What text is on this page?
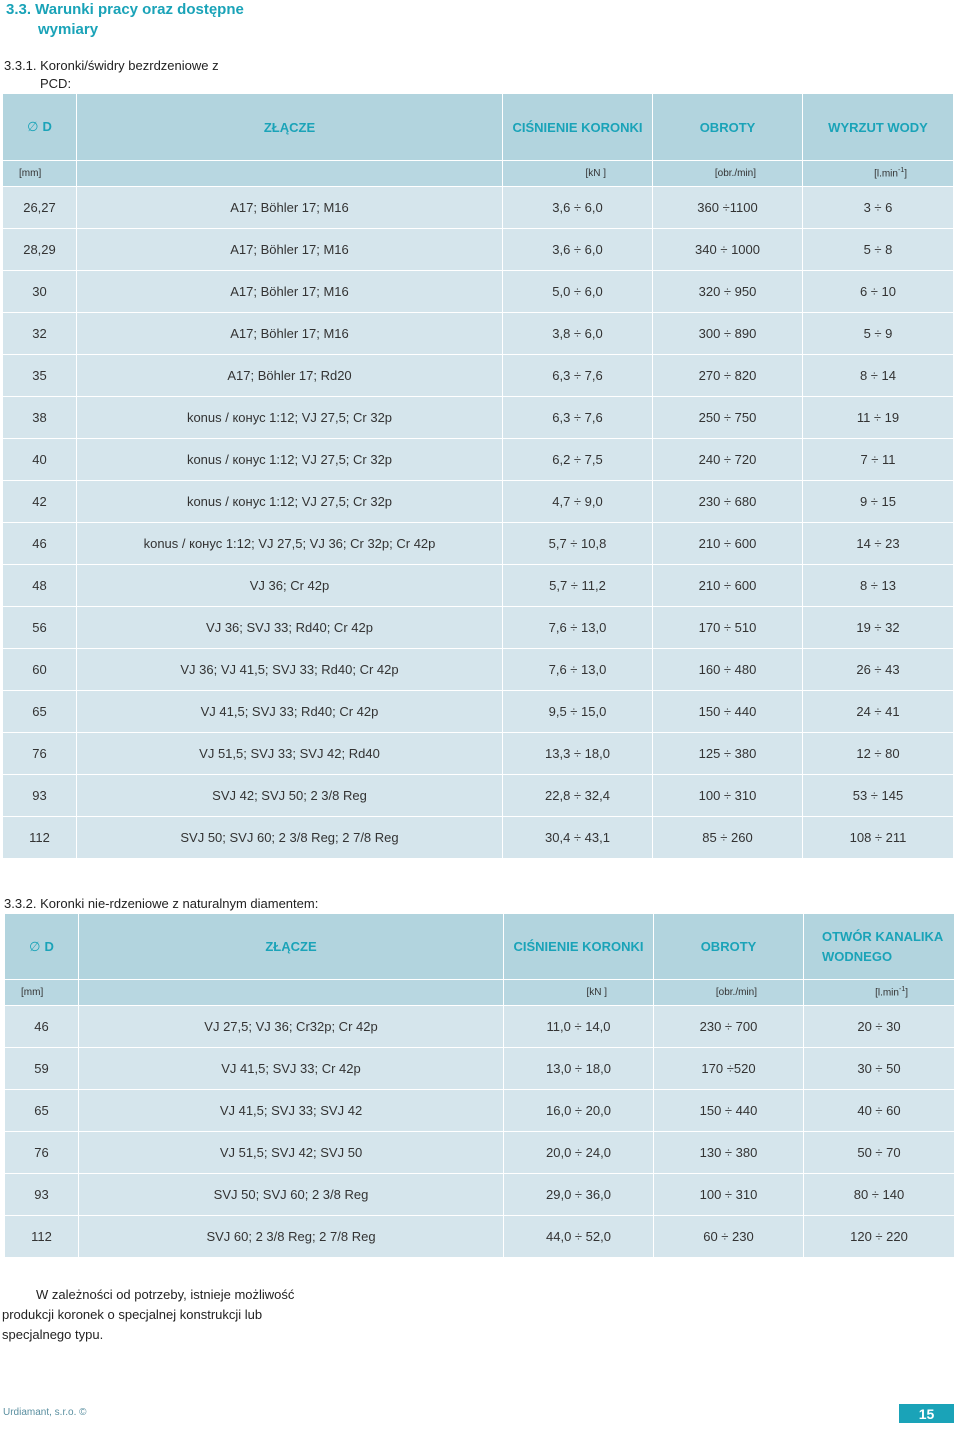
3.3. Warunki pracy oraz dostępne
wymiary
3.3.1. Koronki/świdry bezrdzeniowe z
PCD:
∅ D	ZŁĄCZE	CIŚNIENIE KORONKI	OBROTY	WYRZUT WODY
[mm]		[kN ]	[obr./min]	$[l.\min^{-1}]$
26,27	A17; Böhler 17; M16	3,6 ÷ 6,0	360 ÷1100	3 ÷ 6
28,29	A17; Böhler 17; M16	3,6 ÷ 6,0	340 ÷ 1000	5 ÷ 8
30	A17; Böhler 17; M16	5,0 ÷ 6,0	320 ÷ 950	6 ÷ 10
32	A17; Böhler 17; M16	3,8 ÷ 6,0	300 ÷ 890	5 ÷ 9
35	A17; Böhler 17; Rd20	6,3 ÷ 7,6	270 ÷ 820	8 ÷ 14
38	konus / конус 1:12; VJ 27,5; Cr 32p	6,3 ÷ 7,6	250 ÷ 750	11 ÷ 19
40	konus / конус 1:12; VJ 27,5; Cr 32p	6,2 ÷ 7,5	240 ÷ 720	7 ÷ 11
42	konus / конус 1:12; VJ 27,5; Cr 32p	4,7 ÷ 9,0	230 ÷ 680	9 ÷ 15
46	konus / конус 1:12; VJ 27,5; VJ 36; Cr 32p; Cr 42p	5,7 ÷ 10,8	210 ÷ 600	14 ÷ 23
48	VJ 36; Cr 42p	5,7 ÷ 11,2	210 ÷ 600	8 ÷ 13
56	VJ 36; SVJ 33; Rd40; Cr 42p	7,6 ÷ 13,0	170 ÷ 510	19 ÷ 32
60	VJ 36; VJ 41,5; SVJ 33; Rd40; Cr 42p	7,6 ÷ 13,0	160 ÷ 480	26 ÷ 43
65	VJ 41,5; SVJ 33; Rd40; Cr 42p	9,5 ÷ 15,0	150 ÷ 440	24 ÷ 41
76	VJ 51,5; SVJ 33; SVJ 42; Rd40	13,3 ÷ 18,0	125 ÷ 380	12 ÷ 80
93	SVJ 42; SVJ 50; 2 3/8 Reg	22,8 ÷ 32,4	100 ÷ 310	53 ÷ 145
112	SVJ 50; SVJ 60; 2 3/8 Reg; 2 7/8 Reg	30,4 ÷ 43,1	85 ÷ 260	108 ÷ 211
3.3.2. Koronki nie-rdzeniowe z naturalnym diamentem:
∅ D	ZŁĄCZE	CIŚNIENIE KORONKI	OBROTY	OTWÓR KANALIKA WODNEGO
[mm]		[kN ]	[obr./min]	$[l.\min^{-1}]$
46	VJ 27,5; VJ 36; Cr32p; Cr 42p	11,0 ÷ 14,0	230 ÷ 700	20 ÷ 30
59	VJ 41,5; SVJ 33; Cr 42p	13,0 ÷ 18,0	170 ÷520	30 ÷ 50
65	VJ 41,5; SVJ 33; SVJ 42	16,0 ÷ 20,0	150 ÷ 440	40 ÷ 60
76	VJ 51,5; SVJ 42; SVJ 50	20,0 ÷ 24,0	130 ÷ 380	50 ÷ 70
93	SVJ 50; SVJ 60; 2 3/8 Reg	29,0 ÷ 36,0	100 ÷ 310	80 ÷ 140
112	SVJ 60; 2 3/8 Reg; 2 7/8 Reg	44,0 ÷ 52,0	60 ÷ 230	120 ÷ 220
W zależności od potrzeby, istnieje możliwość
produkcji koronek o specjalnej konstrukcji lub
specjalnego typu.
Urdiamant, s.r.o. ©	15
